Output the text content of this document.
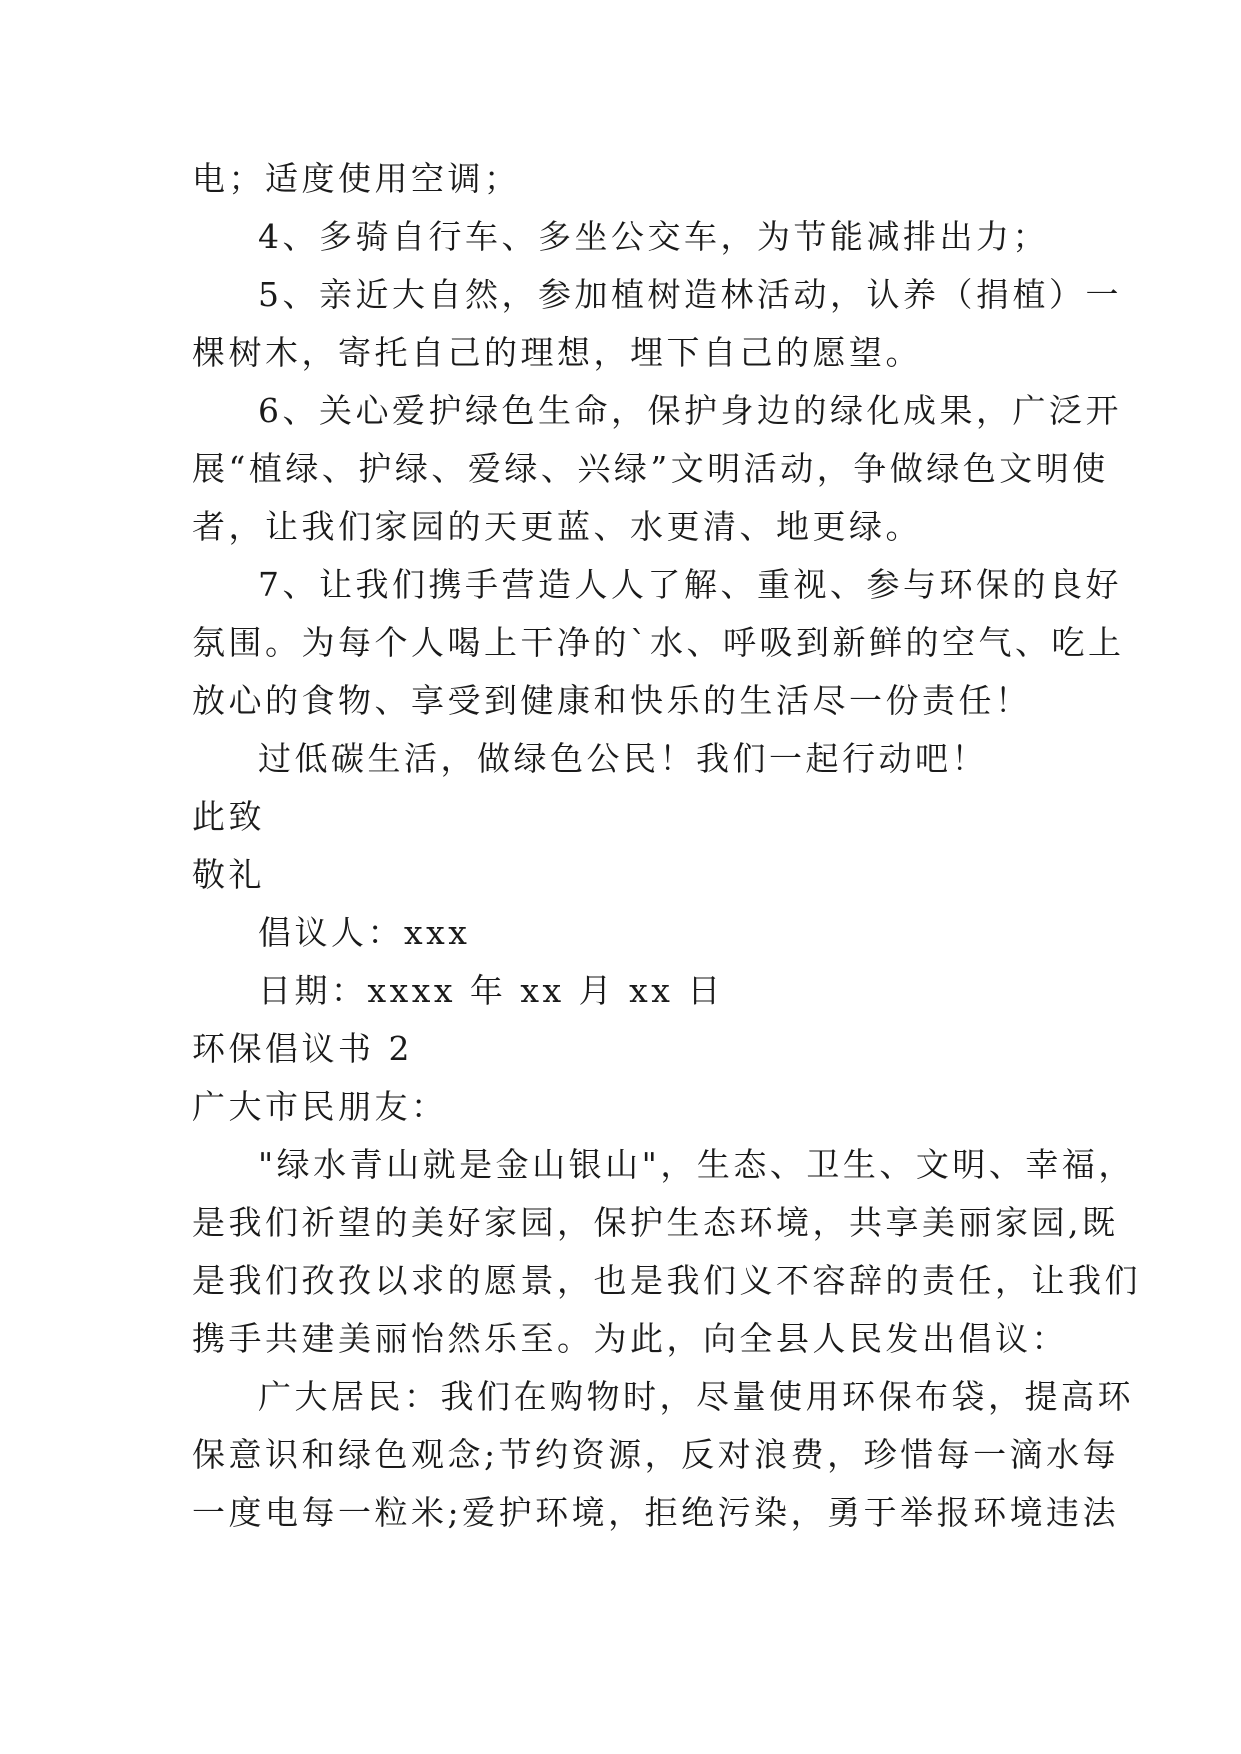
电；适度使用空调；

4、多骑自行车、多坐公交车，为节能减排出力；

5、亲近大自然，参加植树造林活动，认养（捐植）一

棵树木，寄托自己的理想，埋下自己的愿望。

6、关心爱护绿色生命，保护身边的绿化成果，广泛开

展“植绿、护绿、爱绿、兴绿”文明活动，争做绿色文明使

者，让我们家园的天更蓝、水更清、地更绿。

7、让我们携手营造人人了解、重视、参与环保的良好

氛围。为每个人喝上干净的`水、呼吸到新鲜的空气、吃上

放心的食物、享受到健康和快乐的生活尽一份责任！

过低碳生活，做绿色公民！我们一起行动吧！

此致

敬礼

倡议人：xxx

日期：xxxx 年 xx 月 xx 日

环保倡议书 2

广大市民朋友：

"绿水青山就是金山银山"，生态、卫生、文明、幸福，

是我们祈望的美好家园，保护生态环境，共享美丽家园,既

是我们孜孜以求的愿景，也是我们义不容辞的责任，让我们

携手共建美丽怡然乐至。为此，向全县人民发出倡议：

广大居民：我们在购物时，尽量使用环保布袋，提高环

保意识和绿色观念;节约资源，反对浪费，珍惜每一滴水每

一度电每一粒米;爱护环境，拒绝污染，勇于举报环境违法
